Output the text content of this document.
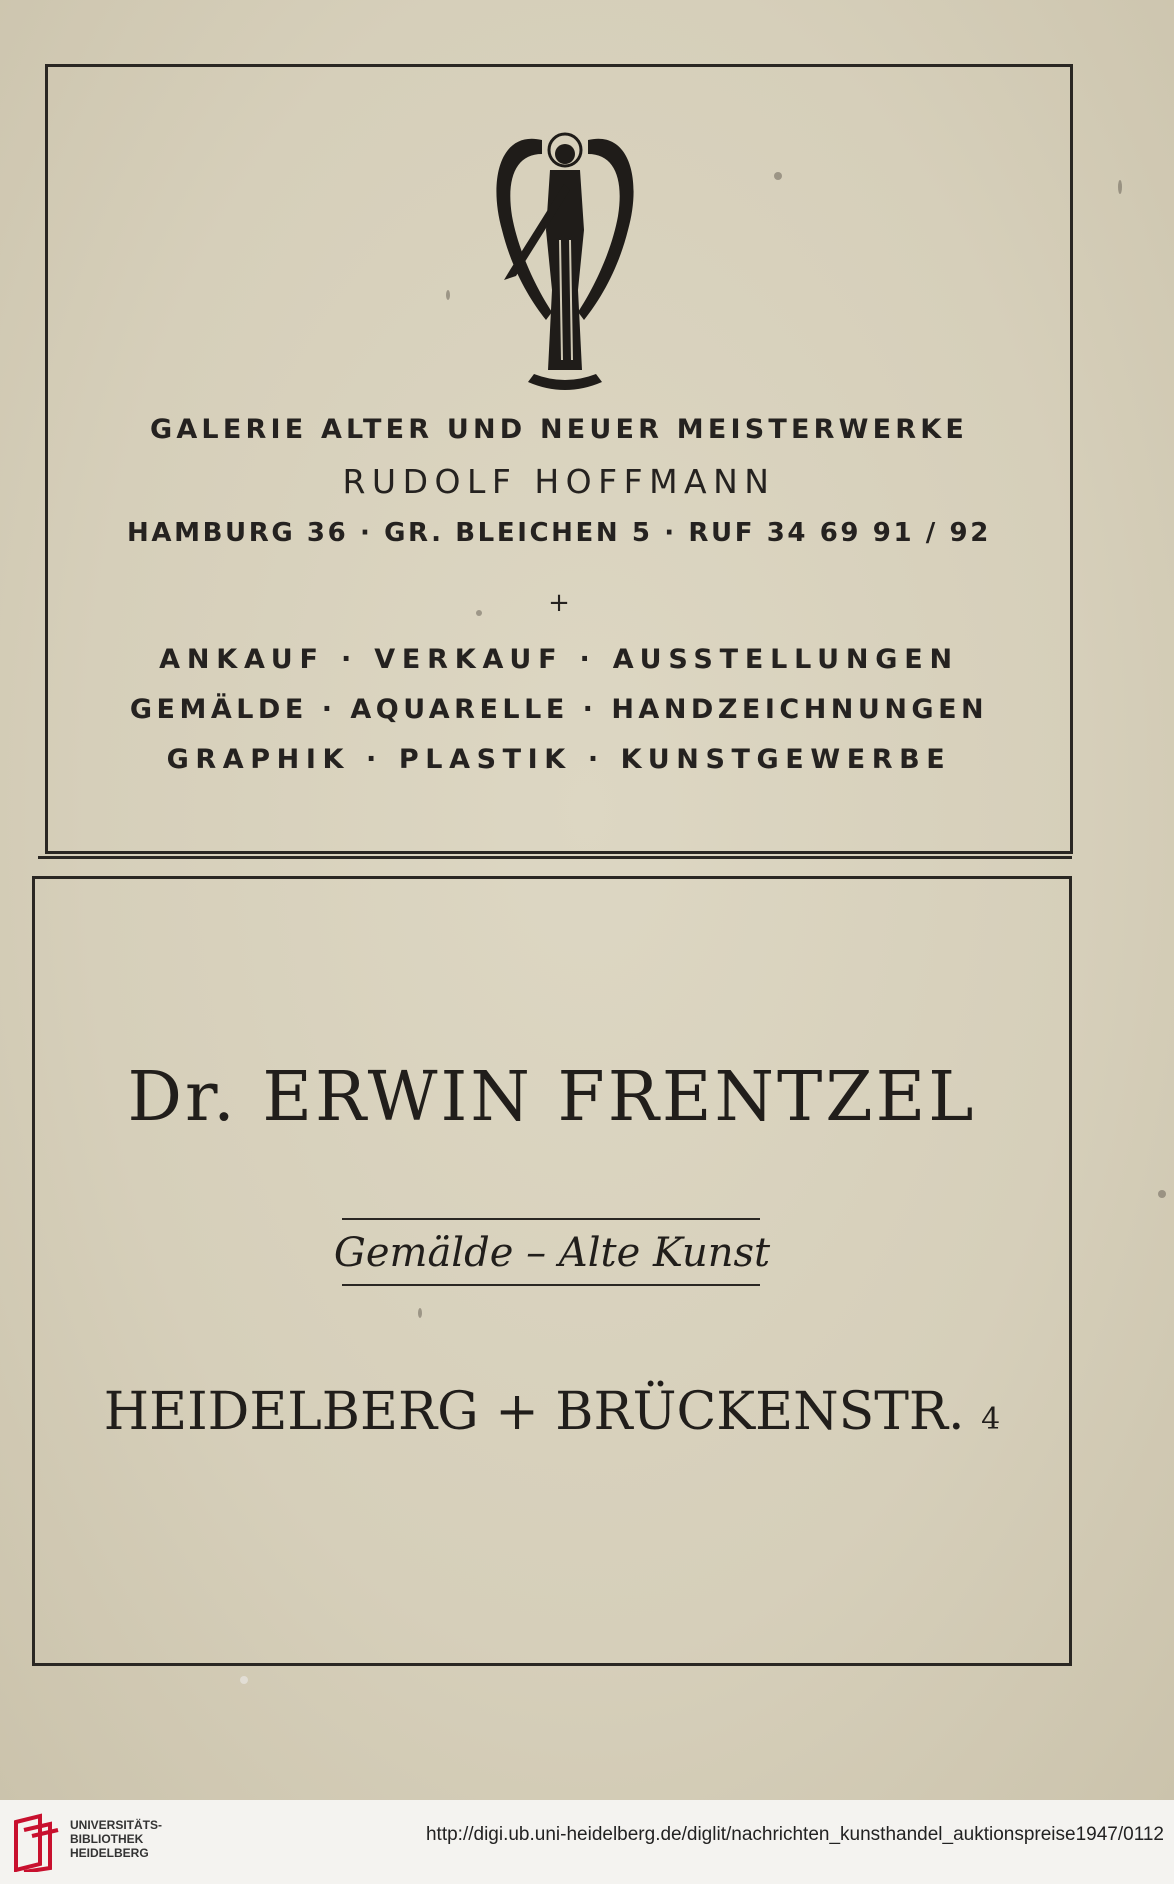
GALERIE ALTER UND NEUER MEISTERWERKE
RUDOLF HOFFMANN
HAMBURG 36 · GR. BLEICHEN 5 · RUF 34 69 91 / 92
+
ANKAUF · VERKAUF · AUSSTELLUNGEN
GEMÄLDE · AQUARELLE · HANDZEICHNUNGEN
GRAPHIK · PLASTIK · KUNSTGEWERBE
Dr. ERWIN FRENTZEL
Gemälde – Alte Kunst
HEIDELBERG + BRÜCKENSTR. 4
UNIVERSITÄTS-
BIBLIOTHEK
HEIDELBERG
http://digi.ub.uni-heidelberg.de/diglit/nachrichten_kunsthandel_auktionspreise1947/0112
